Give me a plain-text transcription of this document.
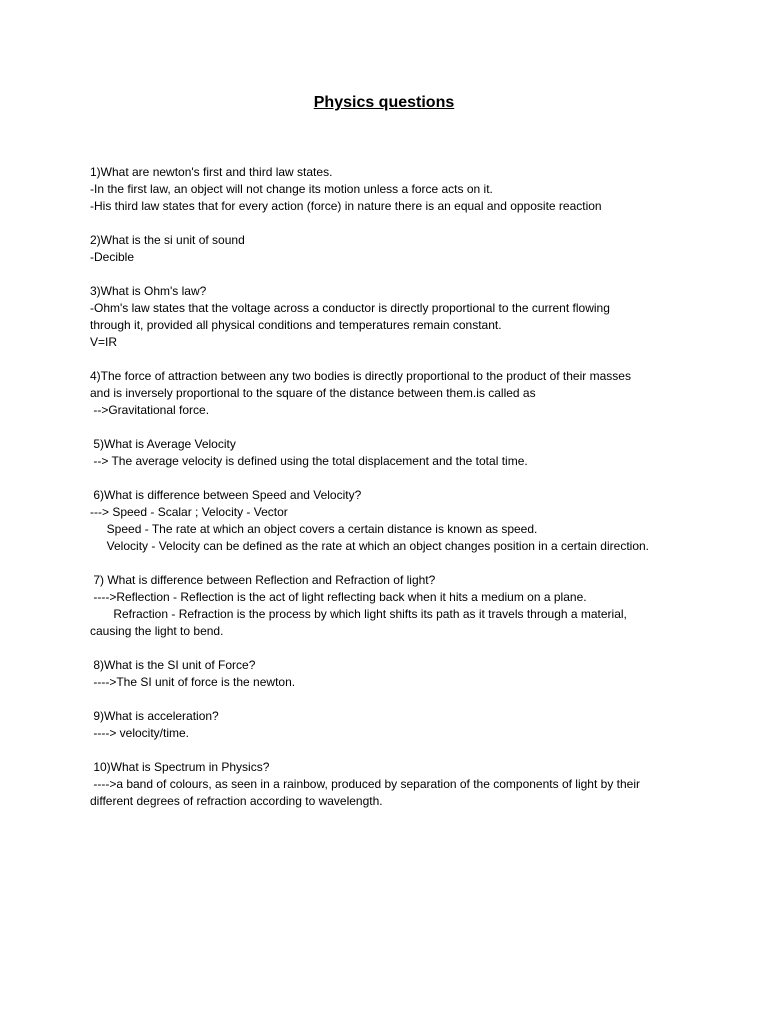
Physics questions
1)What are newton's first and third law states.
-In the first law, an object will not change its motion unless a force acts on it.
-His third law states that for every action (force) in nature there is an equal and opposite reaction
2)What is the si unit of sound
-Decible
3)What is Ohm's law?
-Ohm's law states that the voltage across a conductor is directly proportional to the current flowing
through it, provided all physical conditions and temperatures remain constant.
V=IR
4)The force of attraction between any two bodies is directly proportional to the product of their masses
and is inversely proportional to the square of the distance between them.is called as
-->Gravitational force.
5)What is Average Velocity
--> The average velocity is defined using the total displacement and the total time.
6)What is difference between Speed and Velocity?
---> Speed - Scalar ; Velocity - Vector
Speed - The rate at which an object covers a certain distance is known as speed.
Velocity - Velocity can be defined as the rate at which an object changes position in a certain direction.
7) What is difference between Reflection and Refraction of light?
---->Reflection - Reflection is the act of light reflecting back when it hits a medium on a plane.
Refraction - Refraction is the process by which light shifts its path as it travels through a material,
causing the light to bend.
8)What is the SI unit of Force?
---->The SI unit of force is the newton.
9)What is acceleration?
----> velocity/time.
10)What is Spectrum in Physics?
---->a band of colours, as seen in a rainbow, produced by separation of the components of light by their
different degrees of refraction according to wavelength.
